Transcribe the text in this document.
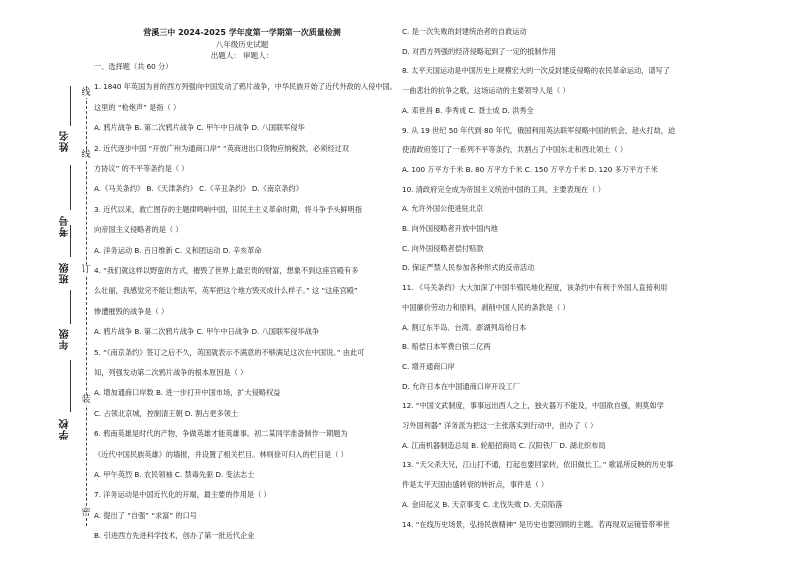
线
订
装
密
线
姓名
考号
班级
年级
学校
营溪三中 2024-2025 学年度第一学期第一次质量检测
八年级历史试题
出题人： 审题人：
一、选择题（共 60 分）
1. 1840 年英国为首的西方列强向中国发动了鸦片战争，中华民族开始了近代外敌的入侵中国。
这里的 “枪炮声” 是指（ ）
A. 鸦片战争 B. 第二次鸦片战争 C. 甲午中日战争 D. 八国联军侵华
2. 近代逐步中国 “开放广州为通商口岸” “英商进出口货物应纳税款，必须经过双
方协议” 的不平等条约是（ ）
A.《马关条约》 B.《天津条约》 C.《辛丑条约》 D.《南京条约》
3. 近代以来，救亡图存的主题律鸣响中国，旧民主主义革命时期，将斗争予头鲜明指
向帝国主义侵略者的是（ ）
A. 洋务运动 B. 百日维新 C. 义和团运动 D. 辛亥革命
4. “我们就这样以野蛮的方式，摧毁了世界上最宏贵的财富，想象不到这座宫殿有多
么壮丽，我感觉完不能让想法军，英军把这个地方毁灭成什么样子。” 这 “这座宫殿”
惨遭摧毁的战争是（ ）
A. 鸦片战争 B. 第二次鸦片战争 C. 甲午中日战争 D. 八国联军侵华战争
5. “《南京条约》签订之后不久，英国就表示不满意的不够满足这次在中国说。” 由此可
知，列强发动第二次鸦片战争的根本原因是（ ）
A. 增加通商口岸数 B. 进一步打开中国市场，扩大侵略权益
C. 占领北京城，控制清王朝 D. 割占更多领土
6. 鸦南英雄是时代的产物，争做英雄才能英雄事。初二某同学准备制作一期题为
《近代中国民族英雄》的墙报，并设置了相关栏目。林则徐可归入的栏目是（ ）
A. 甲午英烈 B. 农民领袖 C. 禁毒先驱 D. 变法志士
7. 洋务运动是中国近代化的开端，最主要的作用是（ ）
A. 提出了 “自强” “求富” 的口号
B. 引进西方先进科学技术，创办了第一批近代企业
C. 是一次失败的封建统治者的自救运动
D. 对西方列强的经济侵略起到了一定的抵制作用
8. 太平天国运动是中国历史上规模宏大的一次反封建反侵略的农民革命运动，谱写了
一曲悲壮的抗争之歌，这场运动的主要领导人是（ ）
A. 邓世昌 B. 李秀成 C. 聂士成 D. 洪秀全
9. 从 19 世纪 50 年代到 80 年代，俄国利用英法联军侵略中国的机会，趁火打劫，迫
使清政府签订了一系列不平等条约，共割占了中国东北和西北领土（ ）
A. 100 万平方千米 B. 80 万平方千米 C. 150 万平方千米 D. 120 多万平方千米
10. 清政府完全成为帝国主义统治中国的工具，主要表现在（ ）
A. 允许外国公使进驻北京
B. 向外国侵略者开放中国内地
C. 向外国侵略者偿付赔款
D. 保证严禁人民参加各种形式的反帝活动
11. 《马关条约》大大加深了中国半殖民地化程度，该条约中有利于外国人直接利用
中国廉价劳动力和原料，剥削中国人民的条款是（ ）
A. 割辽东半岛、台湾、澎湖列岛给日本
B. 赔偿日本军费白银二亿两
C. 增开通商口岸
D. 允许日本在中国通商口岸开设工厂
12. “中国文武制度，事事远出西人之上，独火器万不能及，中国欲自强，则莫如学
习外国利器” 洋务派为把这一主张落实到行动中，创办了（ ）
A. 江南机器制造总局 B. 轮船招商局 C. 汉阳铁厂 D. 湖北织布局
13. “天父杀天兄，江山打不通，打起也要回家转，依旧做长工。” 歌谣所反映的历史事
件是太平天国由盛转衰的转折点，事件是（ ）
A. 金田起义 B. 天京事变 C. 北伐失败 D. 天京陷落
14. “在线历史场景，弘扬民族精神” 是历史也要回顾的主题。若再现双运镜管带率世
